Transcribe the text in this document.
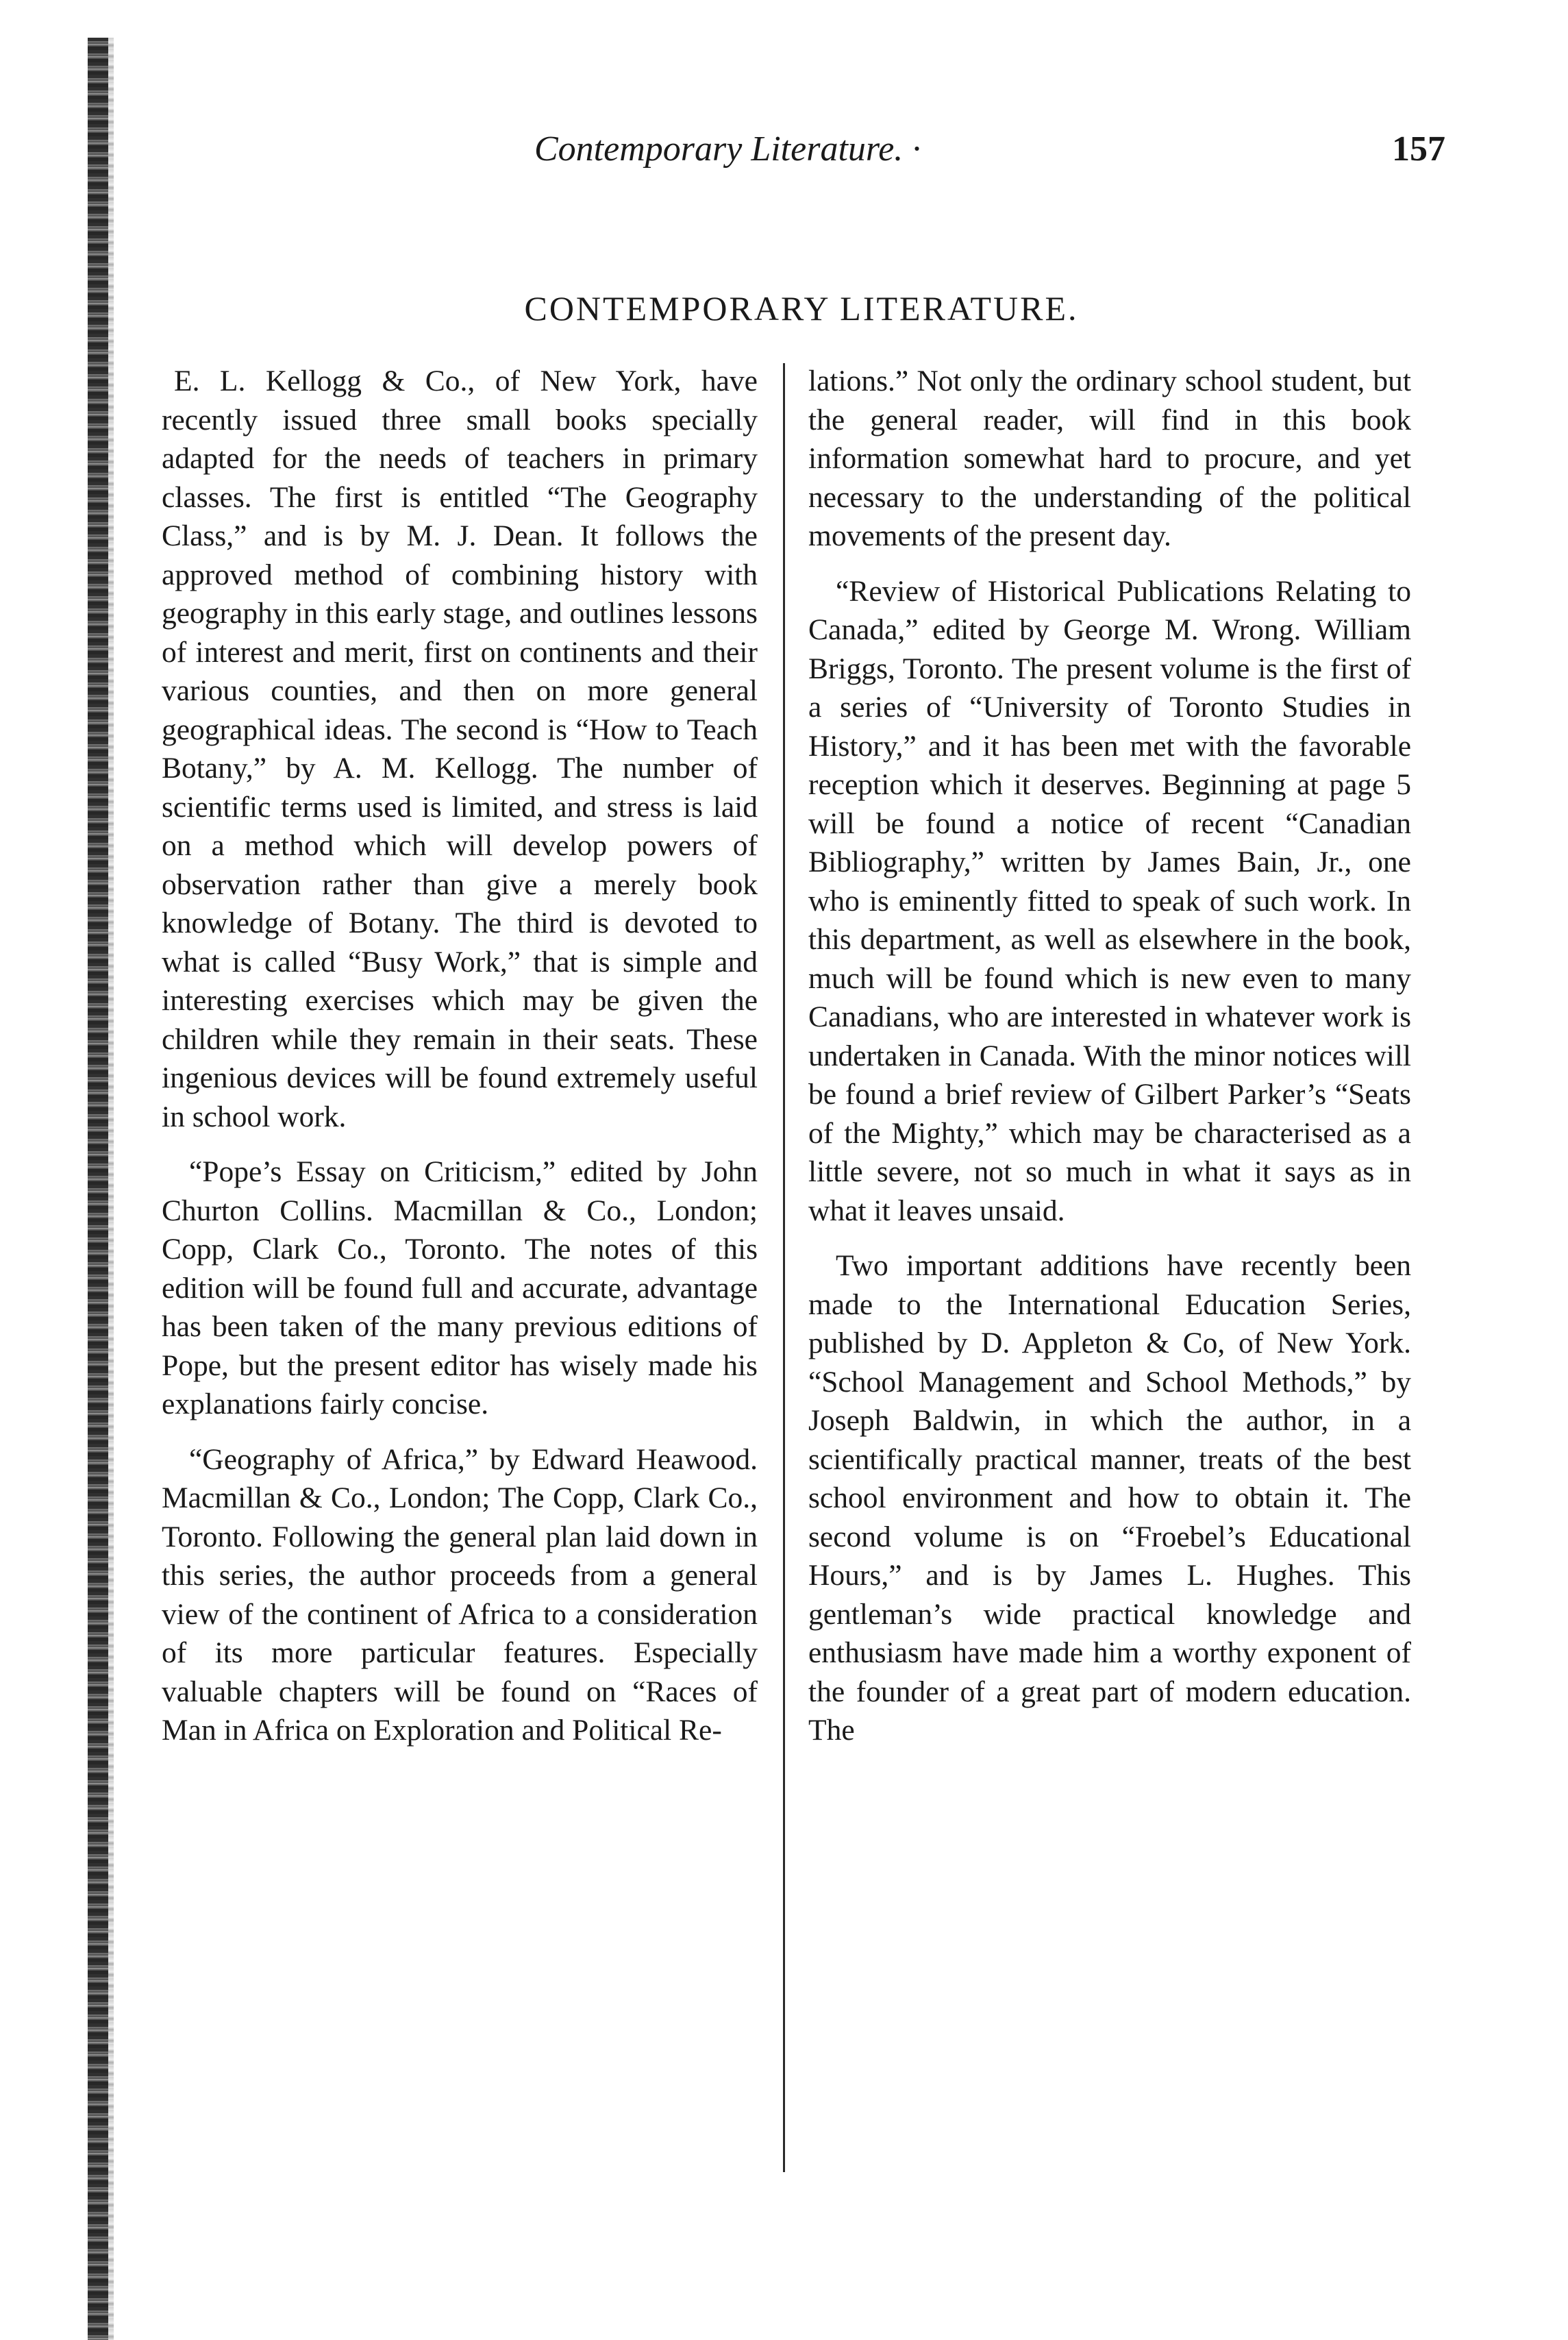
Contemporary Literature. ·	157
CONTEMPORARY LITERATURE.

E. L. Kellogg & Co., of New York, have recently issued three small books specially adapted for the needs of teachers in primary classes. The first is entitled “The Geography Class,” and is by M. J. Dean. It follows the approved method of combining history with geography in this early stage, and outlines lessons of interest and merit, first on continents and their various counties, and then on more general geographical ideas. The second is “How to Teach Botany,” by A. M. Kellogg. The number of scientific terms used is limited, and stress is laid on a method which will develop powers of observation rather than give a merely book knowledge of Botany. The third is devoted to what is called “Busy Work,” that is simple and interesting exercises which may be given the children while they remain in their seats. These ingenious devices will be found extremely useful in school work.

“Pope’s Essay on Criticism,” edited by John Churton Collins. Macmillan & Co., London; Copp, Clark Co., Toronto. The notes of this edition will be found full and accurate, advantage has been taken of the many previous editions of Pope, but the present editor has wisely made his explanations fairly concise.

“Geography of Africa,” by Edward Heawood. Macmillan & Co., London; The Copp, Clark Co., Toronto. Following the general plan laid down in this series, the author proceeds from a general view of the continent of Africa to a consideration of its more particular features. Especially valuable chapters will be found on “Races of Man in Africa on Exploration and Political Re-

lations.” Not only the ordinary school student, but the general reader, will find in this book information somewhat hard to procure, and yet necessary to the understanding of the political movements of the present day.

“Review of Historical Publications Relating to Canada,” edited by George M. Wrong. William Briggs, Toronto. The present volume is the first of a series of “University of Toronto Studies in History,” and it has been met with the favorable reception which it deserves. Beginning at page 5 will be found a notice of recent “Canadian Bibliography,” written by James Bain, Jr., one who is eminently fitted to speak of such work. In this department, as well as elsewhere in the book, much will be found which is new even to many Canadians, who are interested in whatever work is undertaken in Canada. With the minor notices will be found a brief review of Gilbert Parker’s “Seats of the Mighty,” which may be characterised as a little severe, not so much in what it says as in what it leaves unsaid.

Two important additions have recently been made to the International Education Series, published by D. Appleton & Co, of New York. “School Management and School Methods,” by Joseph Baldwin, in which the author, in a scientifically practical manner, treats of the best school environment and how to obtain it. The second volume is on “Froebel’s Educational Hours,” and is by James L. Hughes. This gentleman’s wide practical knowledge and enthusiasm have made him a worthy exponent of the founder of a great part of modern education. The
